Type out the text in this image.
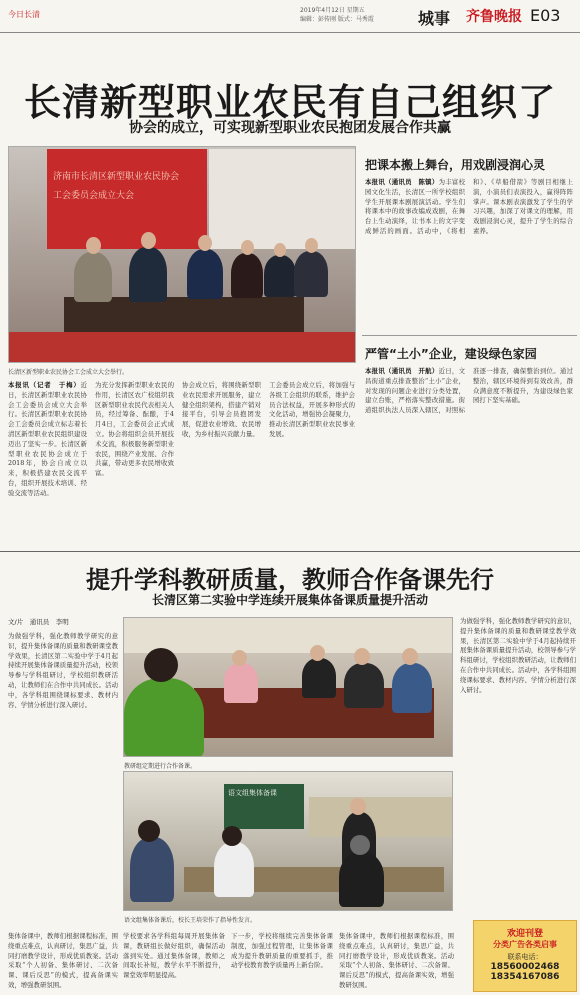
今日长清	2019年4月12日 星期五
编辑：彭传刚 版式：马秀霞	城事 齐鲁晚报 E03
长清新型职业农民有自己组织了
协会的成立，可实现新型职业农民抱团发展合作共赢
济南市长清区新型职业农民协会
工会委员会成立大会
长清区新型职业农民协会工会成立大会举行。
本报讯（记者　于梅）近日，长清区新型职业农民协会工会委员会成立大会举行。长清区新型职业农民协会工会委员会成立标志着长清区新型职业农民组织建设迈出了坚实一步。长清区新型职业农民协会成立于2018年，协会自成立以来，积极搭建农民交流平台，组织开展技术培训、经验交流等活动。
为充分发挥新型职业农民的作用，长清区农广校组织我区新型职业农民代表相关人员，经过筹备、酝酿，于4月4日，工会委员会正式成立。协会将组织会员开展技术交流，积极服务新型职业农民，围绕产业发展、合作共赢，带动更多农民增收致富。
协会成立后，将围绕新型职业农民需求开展服务，建立健全组织架构，搭建产销对接平台，引导会员抱团发展，促进农业增效、农民增收，为乡村振兴贡献力量。
工会委员会成立后，将加强与各级工会组织的联系，维护会员合法权益，开展多种形式的文化活动，增强协会凝聚力，推动长清区新型职业农民事业发展。
把课本搬上舞台，用戏剧浸润心灵
本报讯（通讯员　陈镇）为丰富校园文化生活，长清区一所学校组织学生开展课本剧展演活动。学生们将课本中的故事改编成戏剧，在舞台上生动演绎，让书本上的文字变成鲜活的画面。活动中，《将相和》、《草船借箭》等剧目相继上演，小演员们表演投入，赢得阵阵掌声。课本剧表演激发了学生的学习兴趣，加深了对课文的理解，用戏剧浸润心灵，提升了学生的综合素养。
严管“土小”企业，建设绿色家园
本报讯（通讯员　开航）近日，文昌街道重点排查整治“土小”企业，对发现的问题企业进行分类处置，建立台账，严格落实整改措施。街道组织执法人员深入辖区，对照标准逐一排查，确保整治到位。通过整治，辖区环境得到有效改善，群众满意度不断提升，为建设绿色家园打下坚实基础。
提升学科教研质量，教师合作备课先行
长清区第二实验中学连续开展集体备课质量提升活动
文/片　通讯员　李明
为做强学科，强化教师教学研究的意识，提升集体备课的质量和教研课堂教学效果，长清区第二实验中学于4月起持续开展集体备课质量提升活动，校领导参与学科组研讨，学校组织教研活动，让教师们在合作中共同成长。活动中，各学科组围绕课标要求、教材内容、学情分析进行深入研讨。
集体备课中，教师们根据课程标准，围绕重点难点，认真研讨，集思广益，共同打磨教学设计，形成优质教案。活动采取“个人初备、集体研讨、二次备课、课后反思”的模式，提高备课实效，增强教研氛围。
教研组定期进行合作备课。
语文组集体备课
语文组集体备课后，校长王培荣作了指导性发言。
学校要求各学科组每周开展集体备课，教研组长做好组织，确保活动落到实处。通过集体备课，教师之间取长补短，教学水平不断提升，课堂效率明显提高。
下一步，学校将继续完善集体备课制度，加强过程管理，让集体备课成为提升教研质量的重要抓手，推动学校教育教学质量再上新台阶。
集体备课中，教师们根据课程标准，围绕重点难点，认真研讨，集思广益，共同打磨教学设计，形成优质教案。活动采取“个人初备、集体研讨、二次备课、课后反思”的模式，提高备课实效，增强教研氛围。
为做强学科，强化教师教学研究的意识，提升集体备课的质量和教研课堂教学效果，长清区第二实验中学于4月起持续开展集体备课质量提升活动，校领导参与学科组研讨，学校组织教研活动，让教师们在合作中共同成长。活动中，各学科组围绕课标要求、教材内容、学情分析进行深入研讨。
欢迎刊登
分类广告各类启事
联系电话：
18560002468
18354167086
